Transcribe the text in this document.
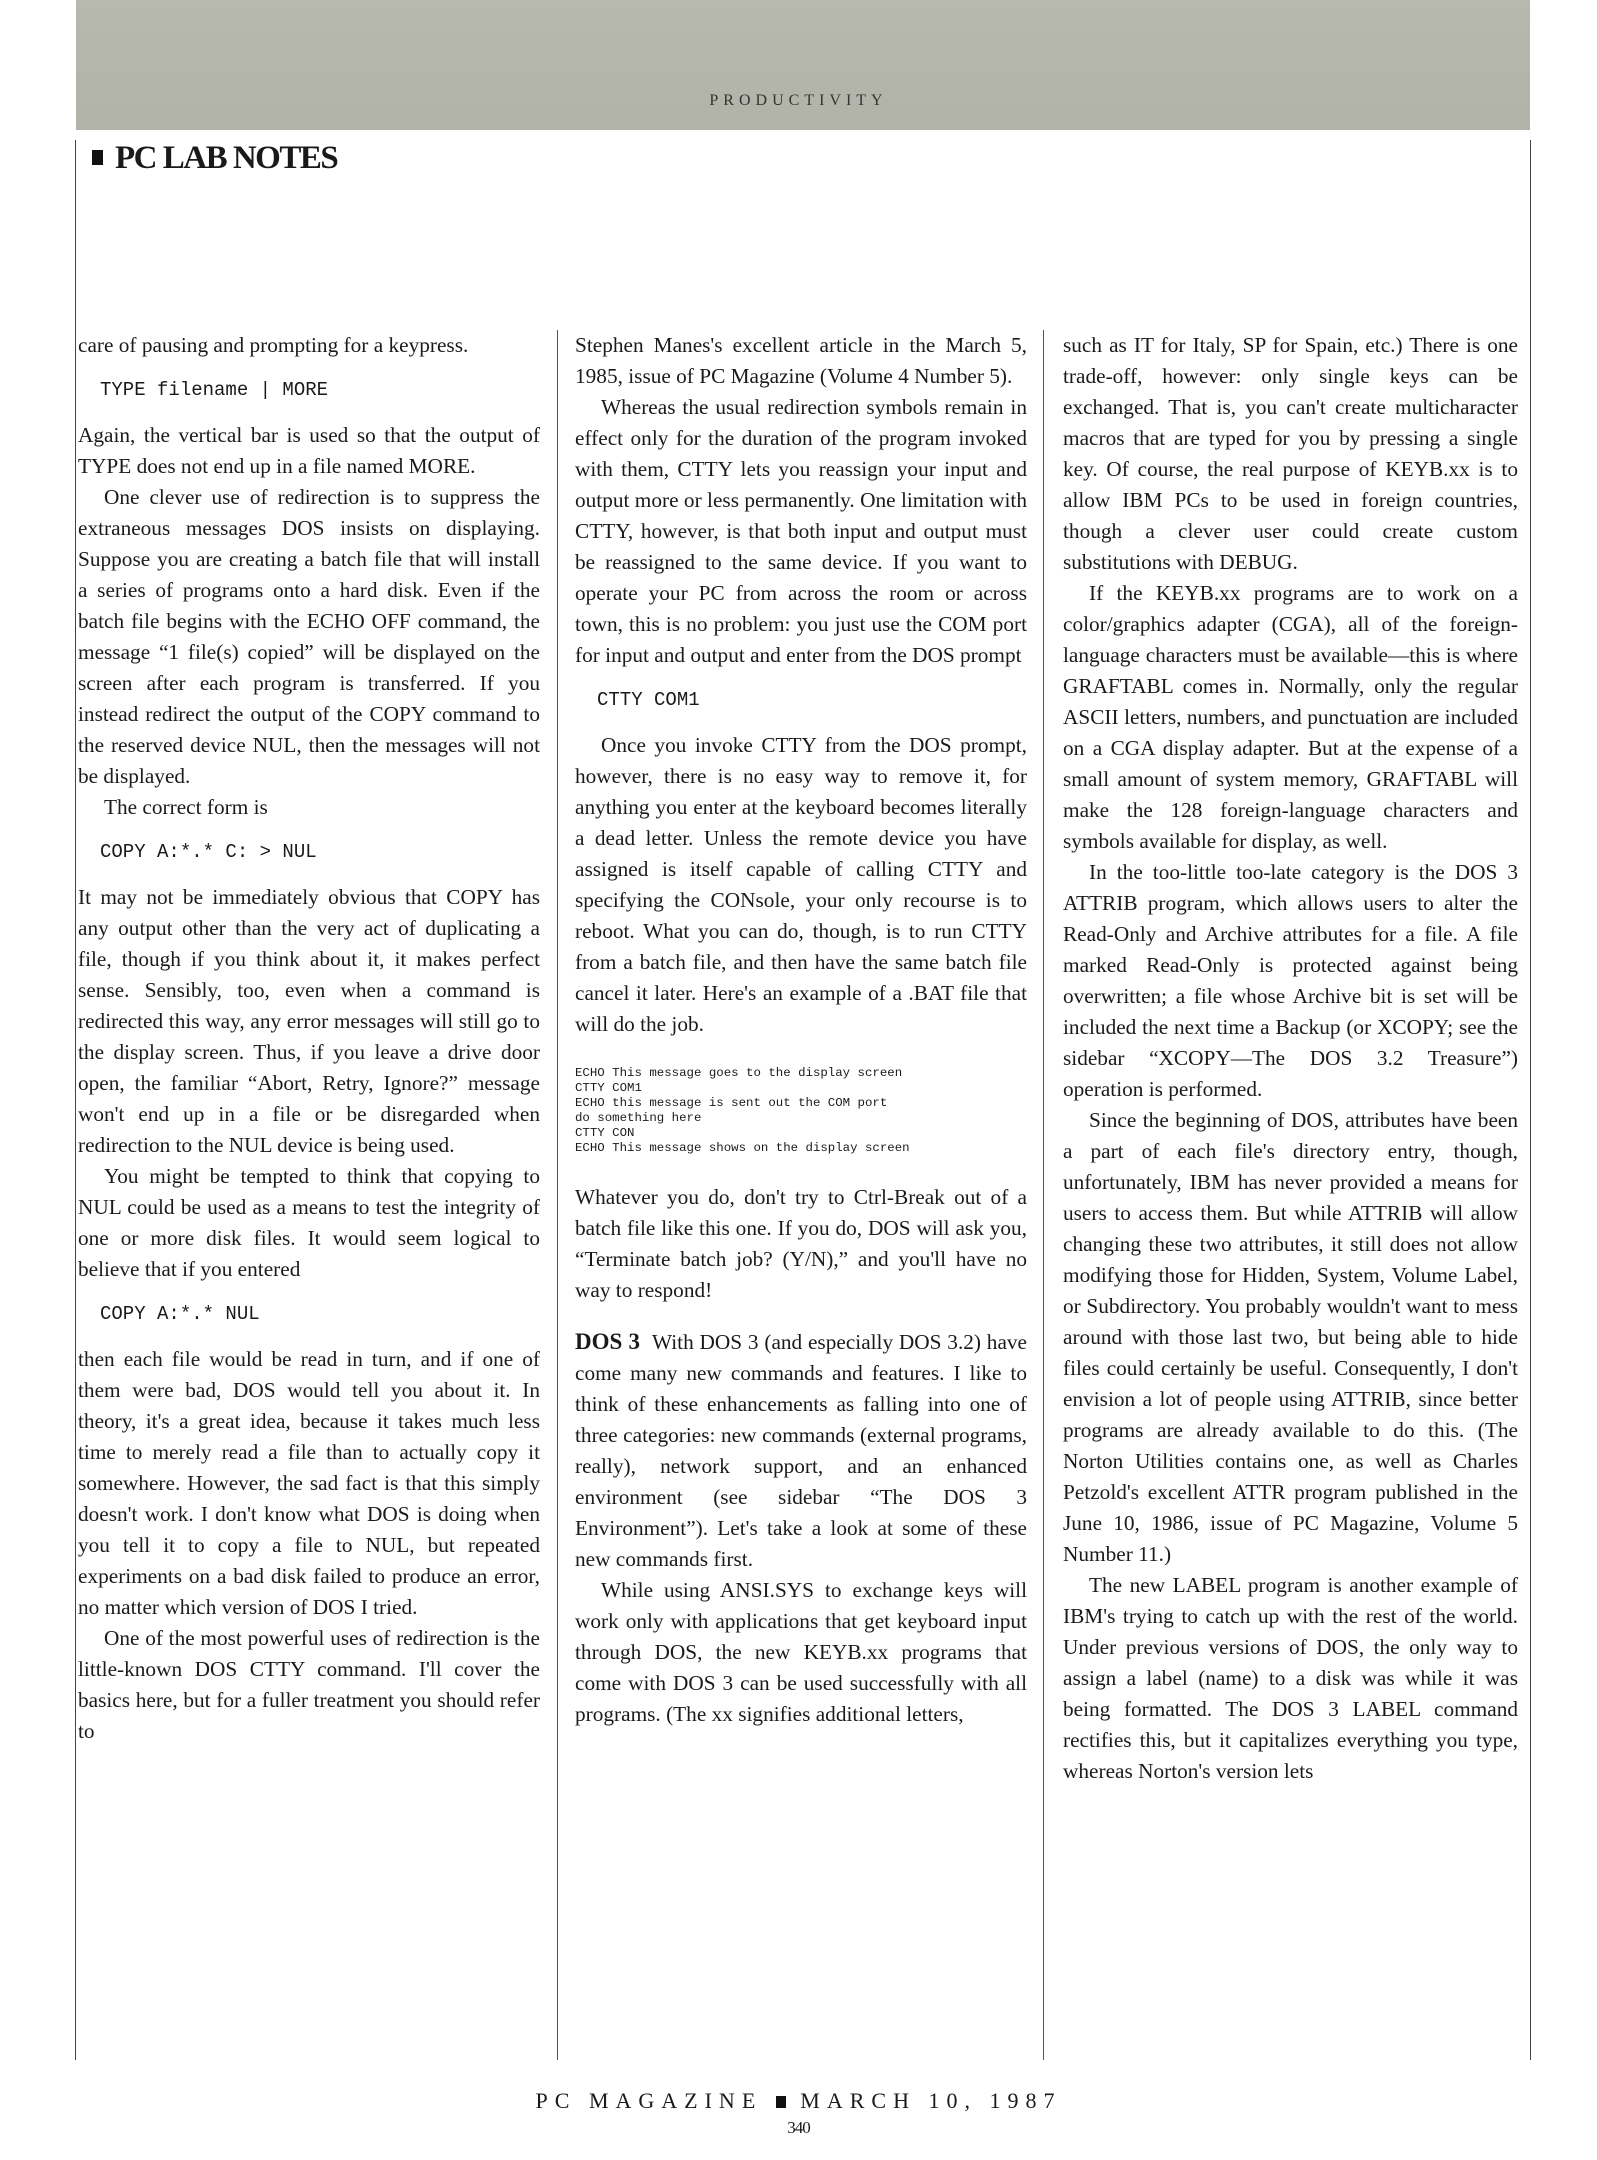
PRODUCTIVITY
PC LAB NOTES

care of pausing and prompting for a keypress.

TYPE filename | MORE

Again, the vertical bar is used so that the output of TYPE does not end up in a file named MORE.

One clever use of redirection is to suppress the extraneous messages DOS insists on displaying. Suppose you are creating a batch file that will install a series of programs onto a hard disk. Even if the batch file begins with the ECHO OFF command, the message “1 file(s) copied” will be displayed on the screen after each program is transferred. If you instead redirect the output of the COPY command to the reserved device NUL, then the messages will not be displayed.

The correct form is

COPY A:*.* C: > NUL

It may not be immediately obvious that COPY has any output other than the very act of duplicating a file, though if you think about it, it makes perfect sense. Sensibly, too, even when a command is redirected this way, any error messages will still go to the display screen. Thus, if you leave a drive door open, the familiar “Abort, Retry, Ignore?” message won't end up in a file or be disregarded when redirection to the NUL device is being used.

You might be tempted to think that copying to NUL could be used as a means to test the integrity of one or more disk files. It would seem logical to believe that if you entered

COPY A:*.* NUL

then each file would be read in turn, and if one of them were bad, DOS would tell you about it. In theory, it's a great idea, because it takes much less time to merely read a file than to actually copy it somewhere. However, the sad fact is that this simply doesn't work. I don't know what DOS is doing when you tell it to copy a file to NUL, but repeated experiments on a bad disk failed to produce an error, no matter which version of DOS I tried.

One of the most powerful uses of redirection is the little-known DOS CTTY command. I'll cover the basics here, but for a fuller treatment you should refer to

Stephen Manes's excellent article in the March 5, 1985, issue of PC Magazine (Volume 4 Number 5).

Whereas the usual redirection symbols remain in effect only for the duration of the program invoked with them, CTTY lets you reassign your input and output more or less permanently. One limitation with CTTY, however, is that both input and output must be reassigned to the same device. If you want to operate your PC from across the room or across town, this is no problem: you just use the COM port for input and output and enter from the DOS prompt

CTTY COM1

Once you invoke CTTY from the DOS prompt, however, there is no easy way to remove it, for anything you enter at the keyboard becomes literally a dead letter. Unless the remote device you have assigned is itself capable of calling CTTY and specifying the CONsole, your only recourse is to reboot. What you can do, though, is to run CTTY from a batch file, and then have the same batch file cancel it later. Here's an example of a .BAT file that will do the job.

ECHO This message goes to the display screen
CTTY COM1
ECHO this message is sent out the COM port
do something here
CTTY CON
ECHO This message shows on the display screen

Whatever you do, don't try to Ctrl-Break out of a batch file like this one. If you do, DOS will ask you, “Terminate batch job? (Y/N),” and you'll have no way to respond!

DOS 3 With DOS 3 (and especially DOS 3.2) have come many new commands and features. I like to think of these enhancements as falling into one of three categories: new commands (external programs, really), network support, and an enhanced environment (see sidebar “The DOS 3 Environment”). Let's take a look at some of these new commands first.

While using ANSI.SYS to exchange keys will work only with applications that get keyboard input through DOS, the new KEYB.xx programs that come with DOS 3 can be used successfully with all programs. (The xx signifies additional letters,

such as IT for Italy, SP for Spain, etc.) There is one trade-off, however: only single keys can be exchanged. That is, you can't create multicharacter macros that are typed for you by pressing a single key. Of course, the real purpose of KEYB.xx is to allow IBM PCs to be used in foreign countries, though a clever user could create custom substitutions with DEBUG.

If the KEYB.xx programs are to work on a color/graphics adapter (CGA), all of the foreign-language characters must be available—this is where GRAFTABL comes in. Normally, only the regular ASCII letters, numbers, and punctuation are included on a CGA display adapter. But at the expense of a small amount of system memory, GRAFTABL will make the 128 foreign-language characters and symbols available for display, as well.

In the too-little too-late category is the DOS 3 ATTRIB program, which allows users to alter the Read-Only and Archive attributes for a file. A file marked Read-Only is protected against being overwritten; a file whose Archive bit is set will be included the next time a Backup (or XCOPY; see the sidebar “XCOPY—The DOS 3.2 Treasure”) operation is performed.

Since the beginning of DOS, attributes have been a part of each file's directory entry, though, unfortunately, IBM has never provided a means for users to access them. But while ATTRIB will allow changing these two attributes, it still does not allow modifying those for Hidden, System, Volume Label, or Subdirectory. You probably wouldn't want to mess around with those last two, but being able to hide files could certainly be useful. Consequently, I don't envision a lot of people using ATTRIB, since better programs are already available to do this. (The Norton Utilities contains one, as well as Charles Petzold's excellent ATTR program published in the June 10, 1986, issue of PC Magazine, Volume 5 Number 11.)

The new LABEL program is another example of IBM's trying to catch up with the rest of the world. Under previous versions of DOS, the only way to assign a label (name) to a disk was while it was being formatted. The DOS 3 LABEL command rectifies this, but it capitalizes everything you type, whereas Norton's version lets

PC MAGAZINE MARCH 10, 1987
340
